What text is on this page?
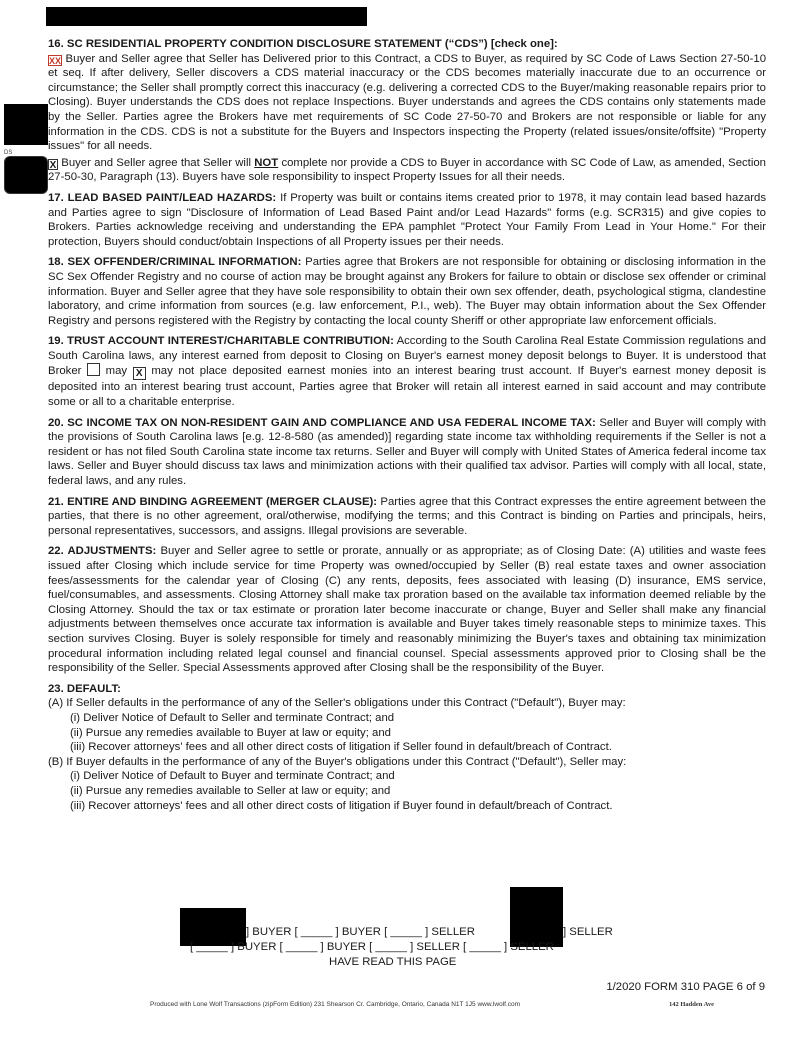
DS

16. SC RESIDENTIAL PROPERTY CONDITION DISCLOSURE STATEMENT (“CDS”) [check one]:

XX Buyer and Seller agree that Seller has Delivered prior to this Contract, a CDS to Buyer, as required by SC Code of Laws Section 27-50-10 et seq. If after delivery, Seller discovers a CDS material inaccuracy or the CDS becomes materially inaccurate due to an occurrence or circumstance; the Seller shall promptly correct this inaccuracy (e.g. delivering a corrected CDS to the Buyer/making reasonable repairs prior to Closing). Buyer understands the CDS does not replace Inspections. Buyer understands and agrees the CDS contains only statements made by the Seller. Parties agree the Brokers have met requirements of SC Code 27-50-70 and Brokers are not responsible or liable for any information in the CDS. CDS is not a substitute for the Buyers and Inspectors inspecting the Property (related issues/onsite/offsite) "Property issues" for all needs.

X Buyer and Seller agree that Seller will NOT complete nor provide a CDS to Buyer in accordance with SC Code of Law, as amended, Section 27-50-30, Paragraph (13). Buyers have sole responsibility to inspect Property Issues for all their needs.

17. LEAD BASED PAINT/LEAD HAZARDS: If Property was built or contains items created prior to 1978, it may contain lead based hazards and Parties agree to sign "Disclosure of Information of Lead Based Paint and/or Lead Hazards" forms (e.g. SCR315) and give copies to Brokers. Parties acknowledge receiving and understanding the EPA pamphlet "Protect Your Family From Lead in Your Home." For their protection, Buyers should conduct/obtain Inspections of all Property issues per their needs.

18. SEX OFFENDER/CRIMINAL INFORMATION: Parties agree that Brokers are not responsible for obtaining or disclosing information in the SC Sex Offender Registry and no course of action may be brought against any Brokers for failure to obtain or disclose sex offender or criminal information. Buyer and Seller agree that they have sole responsibility to obtain their own sex offender, death, psychological stigma, clandestine laboratory, and crime information from sources (e.g. law enforcement, P.I., web). The Buyer may obtain information about the Sex Offender Registry and persons registered with the Registry by contacting the local county Sheriff or other appropriate law enforcement officials.

19. TRUST ACCOUNT INTEREST/CHARITABLE CONTRIBUTION: According to the South Carolina Real Estate Commission regulations and South Carolina laws, any interest earned from deposit to Closing on Buyer's earnest money deposit belongs to Buyer. It is understood that Broker may X may not place deposited earnest monies into an interest bearing trust account. If Buyer's earnest money deposit is deposited into an interest bearing trust account, Parties agree that Broker will retain all interest earned in said account and may contribute some or all to a charitable enterprise.

20. SC INCOME TAX ON NON-RESIDENT GAIN AND COMPLIANCE AND USA FEDERAL INCOME TAX: Seller and Buyer will comply with the provisions of South Carolina laws [e.g. 12-8-580 (as amended)] regarding state income tax withholding requirements if the Seller is not a resident or has not filed South Carolina state income tax returns. Seller and Buyer will comply with United States of America federal income tax laws. Seller and Buyer should discuss tax laws and minimization actions with their qualified tax advisor. Parties will comply with all local, state, federal laws, and any rules.

21. ENTIRE AND BINDING AGREEMENT (MERGER CLAUSE): Parties agree that this Contract expresses the entire agreement between the parties, that there is no other agreement, oral/otherwise, modifying the terms; and this Contract is binding on Parties and principals, heirs, personal representatives, successors, and assigns. Illegal provisions are severable.

22. ADJUSTMENTS: Buyer and Seller agree to settle or prorate, annually or as appropriate; as of Closing Date: (A) utilities and waste fees issued after Closing which include service for time Property was owned/occupied by Seller (B) real estate taxes and owner association fees/assessments for the calendar year of Closing (C) any rents, deposits, fees associated with leasing (D) insurance, EMS service, fuel/consumables, and assessments. Closing Attorney shall make tax proration based on the available tax information deemed reliable by the Closing Attorney. Should the tax or tax estimate or proration later become inaccurate or change, Buyer and Seller shall make any financial adjustments between themselves once accurate tax information is available and Buyer takes timely reasonable steps to minimize taxes. This section survives Closing. Buyer is solely responsible for timely and reasonably minimizing the Buyer's taxes and obtaining tax minimization procedural information including related legal counsel and financial counsel. Special assessments approved prior to Closing shall be the responsibility of the Seller. Special Assessments approved after Closing shall be the responsibility of the Buyer.

23. DEFAULT:

(A) If Seller defaults in the performance of any of the Seller's obligations under this Contract ("Default"), Buyer may:

(i) Deliver Notice of Default to Seller and terminate Contract; and

(ii) Pursue any remedies available to Buyer at law or equity; and

(iii) Recover attorneys' fees and all other direct costs of litigation if Seller found in default/breach of Contract.

(B) If Buyer defaults in the performance of any of the Buyer's obligations under this Contract ("Default"), Seller may:

(i) Deliver Notice of Default to Buyer and terminate Contract; and

(ii) Pursue any remedies available to Seller at law or equity; and

(iii) Recover attorneys' fees and all other direct costs of litigation if Buyer found in default/breach of Contract.

] BUYER [ _____ ] BUYER [ _____ ] SELLER	] SELLER
[ _____ ] BUYER [ _____ ] BUYER [ _____ ] SELLER [ _____ ] SELLER
HAVE READ THIS PAGE
1/2020 FORM 310 PAGE 6 of 9
Produced with Lone Wolf Transactions (zipForm Edition) 231 Shearson Cr. Cambridge, Ontario, Canada N1T 1J5 www.lwolf.com	142 Hadden Ave
